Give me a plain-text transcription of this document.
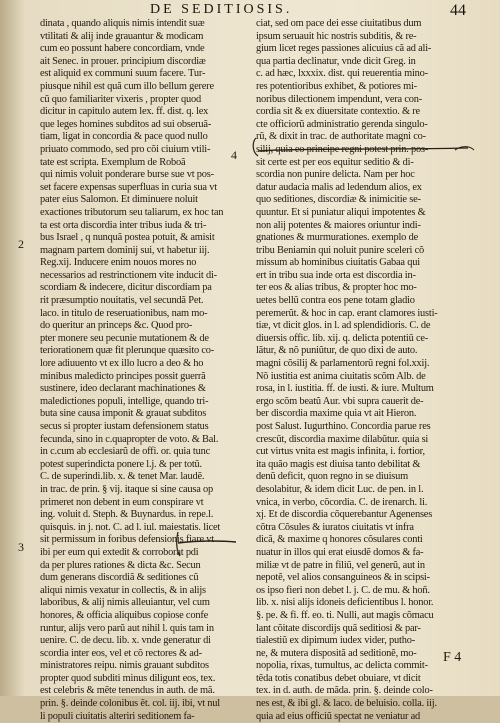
DE SEDITIOSIS.	44
dinata , quando aliquis nimis intendit suæ
vtilitati & alij inde grauantur & modicam
cum eo possunt habere concordiam, vnde
ait Senec. in prouer. principium discordiæ
est aliquid ex communi suum facere. Tur-
piusque nihil est quã cum illo bellum gerere
cũ quo familiariter vixeris , propter quod
dicitur in capitulo autem lex. ff. dist. q. lex
que leges homines subditos ad sui obseruã-
tiam, ligat in concordia & pace quod nullo
priuato commodo, sed pro cõi ciuium vtili-
tate est scripta. Exemplum de Roboã
qui nimis voluit ponderare burse sue vt pos-
set facere expensas superfluas in curia sua vt
pater eius Salomon. Et diminuere noluit
exactiones tributorum seu taliarum, ex hoc tan
ta est orta discordia inter tribus iuda & tri-
bus Israel , q nunquã postea potuit, & amisit
magnam partem dominij sui, vt habetur iij.
Reg.xij. Inducere enim nouos mores no
necessarios ad restrinctionem vite inducit di-
scordiam & indecere, dicitur discordiam pa
rit præsumptio nouitatis, vel secundã Pet.
laco. in titulo de reseruationibus, nam mo-
do queritur an princeps &c. Quod pro-
pter monere seu pecunie mutationem & de
teriorationem quæ fit plerunque quæsito co-
lore adiuuento vt ex illo lucro a deo & ho
minibus maledicto principes possit guerrã
sustinere, ideo declarant machinationes &
maledictiones populi, intellige, quando tri-
buta sine causa imponit & grauat subditos
secus si propter iustam defensionem status
fecunda, sino in c.quapropter de voto. & Bal.
in c.cum ab ecclesiarũ de offi. or. quia tunc
potest superindicta ponere l.j. & per totũ.
C. de superindi.lib. x. & tenet Mar. laudẽ.
in trac. de prin. § vij. itaque si sine causa op
primeret non debent in eum conspirare vt
ing. voluit d. Steph. & Buynardus. in repe.l.
quisquis. in j. not. C. ad l. iul. maiestatis. licet
sit permissum in foribus defensionis fiare vt
ibi per eum qui extedit & corroborat pdi
da per plures rationes & dicta &c. Secun
dum generans discordiã & seditiones cũ
aliqui nimis vexatur in collectis, & in alijs
laboribus, & alij nimis alleuiantur, vel cum
honores, & officia aliquibus copiose confe
runtur, alijs vero parũ aut nihil l. quis tam in
uenire. C. de decu. lib. x. vnde generatur di
scordia inter eos, vel et cõ rectores & ad-
ministratores reipu. nimis grauant subditos
propter quod subditi minus diligunt eos, tex.
est celebris & mẽte tenendus in auth. de mã.
prin. §. deinde colonibus ẽt. col. iij. ibi, vt nul
li populi ciuitatis alteriri seditionem fa-
ciat, sed om pace dei esse ciuitatibus dum
ipsum seruauit hic nostris subditis, & re-
gium licet reges passiones alicuius cã ad ali-
qua partia declinatur, vnde dicit Greg. in
c. ad hæc, lxxxix. dist. qui reuerentia mino-
res potentioribus exhibet, & potiores mi-
noribus dilectionem impendunt, vera con-
cordia sit & ex diuersitate contextio. & re
cte officiorũ administratio gerenda singulo-
rũ, & dixit in trac. de authoritate magni co-
silij, quia eo principe regni potest prin. pos-
sit certe est per eos equitur seditio & di-
scordia non punire delicta. Nam per hoc
datur audacia malis ad ledendum alios, ex
quo seditiones, discordiæ & inimicitie se-
quuntur. Et si puniatur aliqui impotentes &
non alij potentes & maiores oriuntur indi-
gnationes & murmurationes. exemplo de
tribu Beniamin qui noluit punire sceleri cõ
missum ab hominibus ciuitatis Gabaa qui
ert in tribu sua inde orta est discordia in-
ter eos & alias tribus, & propter hoc mo-
uetes bellũ contra eos pene totam gladio
peremerũt. & hoc in cap. erant clamores iusti-
tiæ, vt dicit glos. in l. ad splendidioris. C. de
diuersis offic. lib. xij. q. delicta potentiũ ce-
lãtur, & nõ puniũtur, de quo dixi de auto.
magni cõsilij & parlamentorũ regni fol.xxij.
Nõ iustitia est anima ciuitatis scõm Alb. de
rosa, in l. iustitia. ff. de iusti. & iure. Multum
ergo scõm beatũ Aur. vbi supra cauerit de-
ber discordia maxime quia vt ait Hieron.
post Salust. Iugurthino. Concordia parue res
crescũt, discordia maxime dilabũtur. quia si
cut virtus vnita est magis infinita, i. fortior,
ita quão magis est diuisa tanto debilitat &
denũ deficit, quon regno in se diuisum
desolabitur, & idem dicit Luc. de pen. in l.
vnica, in verbo, cõcordia. C. de irenarch. li.
xj. Et de discordia cõquerebantur Agenenses
cõtra Cõsules & iuratos ciuitatis vt infra
dicã, & maxime q honores cõsulares conti
nuatur in illos qui erat eiusdẽ domos & fa-
miliæ vt de patre in filiũ, vel generũ, aut in
nepotẽ, vel alios consanguineos & in scipsi-
os ipso fieri non debet l. j. C. de mu. & hoñ.
lib. x. nisi alijs idoneis deficientibus l. honor.
§. pe. & fi. ff. eo. ti. Nulli, aut magis cõmacu
lant cõitate discordijs quã seditiosi & par-
tialestiũ ex dipimum iudex vider, putho-
ne, & mutera dispositã ad seditionẽ, mo-
nopolia, rixas, tumultus, ac delicta commit-
tẽda totis conatibus debet obuiare, vt dicit
tex. in d. auth. de mãda. prin. §. deinde colo-
nes est, & ibi gl. & laco. de beluisio. colla. iij.
quia ad eius officiũ spectat ne veniatur ad
2
3
4
F 4
